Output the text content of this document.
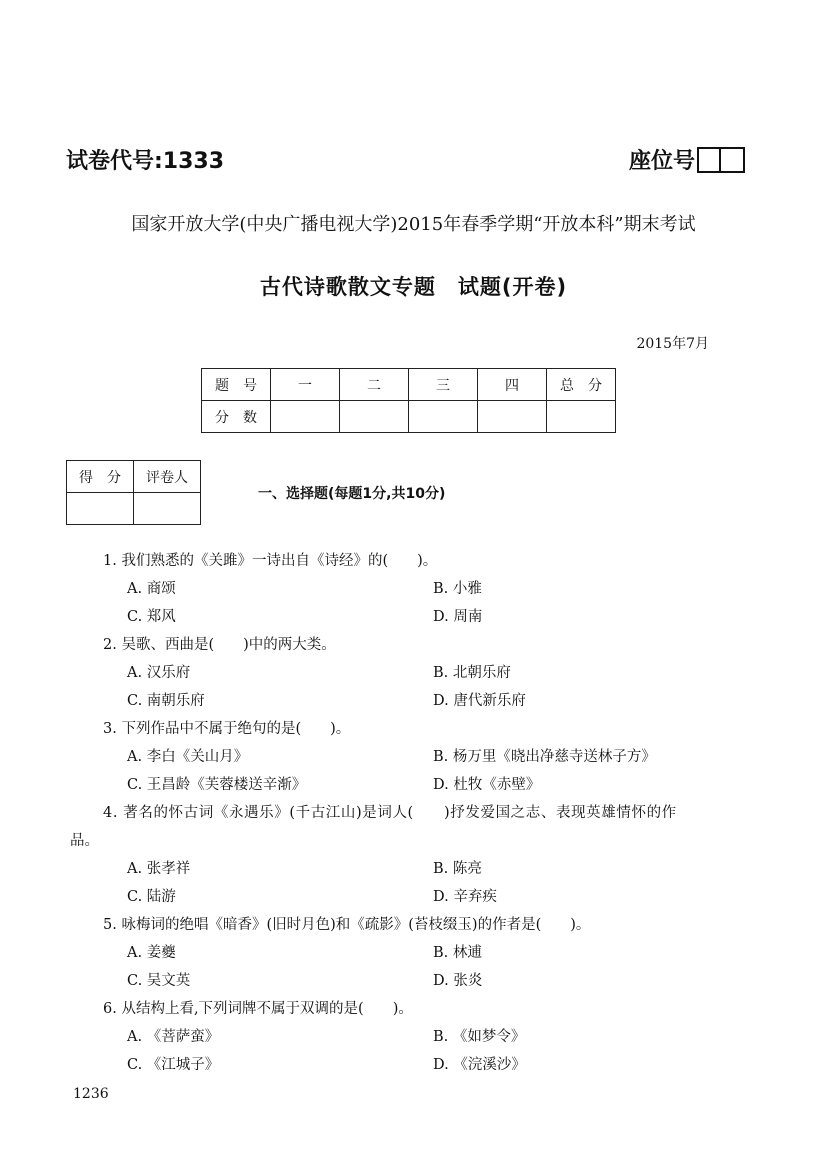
试卷代号:1333	座位号
国家开放大学(中央广播电视大学)2015年春季学期“开放本科”期末考试
古代诗歌散文专题　试题(开卷)
2015年7月
题　号	一	二	三	四	总　分
分　数					
得　分	评卷人

一、选择题(每题1分,共10分)
1. 我们熟悉的《关雎》一诗出自《诗经》的(　　)。
A. 商颂	B. 小雅
C. 郑风	D. 周南
2. 吴歌、西曲是(　　)中的两大类。
A. 汉乐府	B. 北朝乐府
C. 南朝乐府	D. 唐代新乐府
3. 下列作品中不属于绝句的是(　　)。
A. 李白《关山月》	B. 杨万里《晓出净慈寺送林子方》
C. 王昌龄《芙蓉楼送辛渐》	D. 杜牧《赤壁》
4. 著名的怀古词《永遇乐》(千古江山)是词人(　　)抒发爱国之志、表现英雄情怀的作
品。
A. 张孝祥	B. 陈亮
C. 陆游	D. 辛弃疾
5. 咏梅词的绝唱《暗香》(旧时月色)和《疏影》(苔枝缀玉)的作者是(　　)。
A. 姜夔	B. 林逋
C. 吴文英	D. 张炎
6. 从结构上看,下列词牌不属于双调的是(　　)。
A. 《菩萨蛮》	B. 《如梦令》
C. 《江城子》	D. 《浣溪沙》
1236
